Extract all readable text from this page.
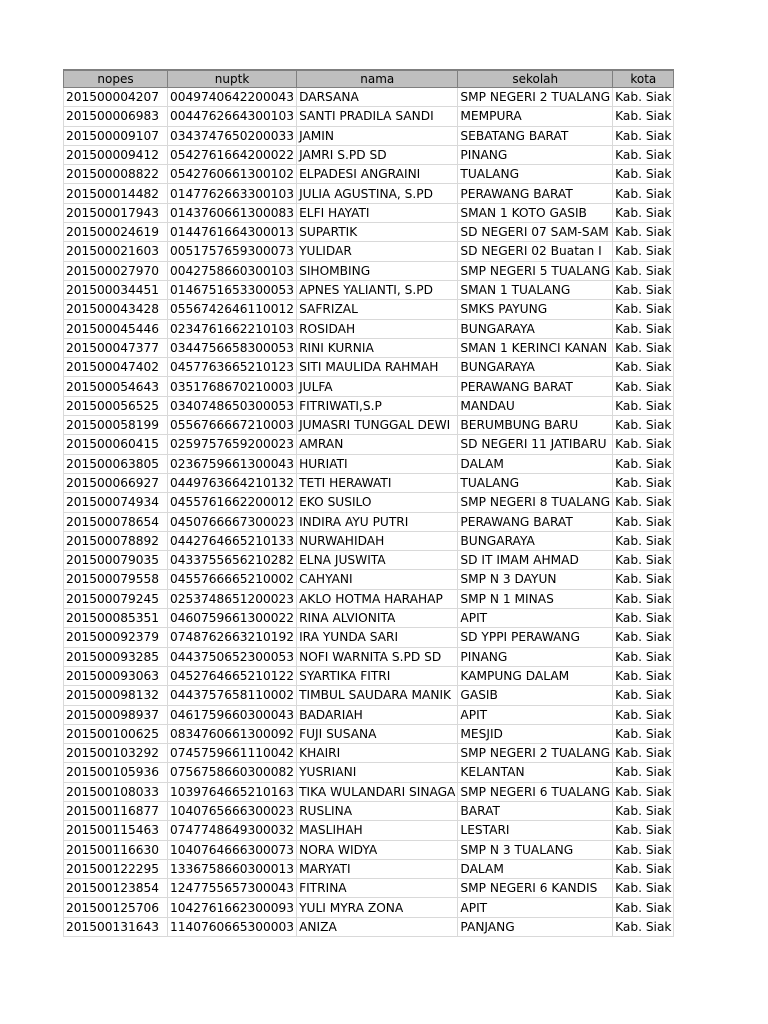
nopes	nuptk	nama	sekolah	kota
201500004207	0049740642200043	DARSANA	SMP NEGERI 2 TUALANG	Kab. Siak
201500006983	0044762664300103	SANTI PRADILA SANDI	MEMPURA	Kab. Siak
201500009107	0343747650200033	JAMIN	SEBATANG BARAT	Kab. Siak
201500009412	0542761664200022	JAMRI S.PD SD	PINANG	Kab. Siak
201500008822	0542760661300102	ELPADESI ANGRAINI	TUALANG	Kab. Siak
201500014482	0147762663300103	JULIA AGUSTINA, S.PD	PERAWANG BARAT	Kab. Siak
201500017943	0143760661300083	ELFI HAYATI	SMAN 1 KOTO GASIB	Kab. Siak
201500024619	0144761664300013	SUPARTIK	SD NEGERI 07 SAM-SAM	Kab. Siak
201500021603	0051757659300073	YULIDAR	SD NEGERI 02 Buatan I	Kab. Siak
201500027970	0042758660300103	SIHOMBING	SMP NEGERI 5 TUALANG	Kab. Siak
201500034451	0146751653300053	APNES YALIANTI, S.PD	SMAN 1 TUALANG	Kab. Siak
201500043428	0556742646110012	SAFRIZAL	SMKS PAYUNG	Kab. Siak
201500045446	0234761662210103	ROSIDAH	BUNGARAYA	Kab. Siak
201500047377	0344756658300053	RINI KURNIA	SMAN 1 KERINCI KANAN	Kab. Siak
201500047402	0457763665210123	SITI MAULIDA RAHMAH	BUNGARAYA	Kab. Siak
201500054643	0351768670210003	JULFA	PERAWANG BARAT	Kab. Siak
201500056525	0340748650300053	FITRIWATI,S.P	MANDAU	Kab. Siak
201500058199	0556766667210003	JUMASRI TUNGGAL DEWI	BERUMBUNG BARU	Kab. Siak
201500060415	0259757659200023	AMRAN	SD NEGERI 11 JATIBARU	Kab. Siak
201500063805	0236759661300043	HURIATI	DALAM	Kab. Siak
201500066927	0449763664210132	TETI HERAWATI	TUALANG	Kab. Siak
201500074934	0455761662200012	EKO SUSILO	SMP NEGERI 8 TUALANG	Kab. Siak
201500078654	0450766667300023	INDIRA AYU PUTRI	PERAWANG BARAT	Kab. Siak
201500078892	0442764665210133	NURWAHIDAH	BUNGARAYA	Kab. Siak
201500079035	0433755656210282	ELNA JUSWITA	SD IT IMAM AHMAD	Kab. Siak
201500079558	0455766665210002	CAHYANI	SMP N 3 DAYUN	Kab. Siak
201500079245	0253748651200023	AKLO HOTMA HARAHAP	SMP N 1 MINAS	Kab. Siak
201500085351	0460759661300022	RINA ALVIONITA	APIT	Kab. Siak
201500092379	0748762663210192	IRA YUNDA SARI	SD YPPI PERAWANG	Kab. Siak
201500093285	0443750652300053	NOFI WARNITA S.PD SD	PINANG	Kab. Siak
201500093063	0452764665210122	SYARTIKA FITRI	KAMPUNG DALAM	Kab. Siak
201500098132	0443757658110002	TIMBUL SAUDARA MANIK	GASIB	Kab. Siak
201500098937	0461759660300043	BADARIAH	APIT	Kab. Siak
201500100625	0834760661300092	FUJI SUSANA	MESJID	Kab. Siak
201500103292	0745759661110042	KHAIRI	SMP NEGERI 2 TUALANG	Kab. Siak
201500105936	0756758660300082	YUSRIANI	KELANTAN	Kab. Siak
201500108033	1039764665210163	TIKA WULANDARI SINAGA	SMP NEGERI 6 TUALANG	Kab. Siak
201500116877	1040765666300023	RUSLINA	BARAT	Kab. Siak
201500115463	0747748649300032	MASLIHAH	LESTARI	Kab. Siak
201500116630	1040764666300073	NORA WIDYA	SMP N 3 TUALANG	Kab. Siak
201500122295	1336758660300013	MARYATI	DALAM	Kab. Siak
201500123854	1247755657300043	FITRINA	SMP NEGERI 6 KANDIS	Kab. Siak
201500125706	1042761662300093	YULI MYRA ZONA	APIT	Kab. Siak
201500131643	1140760665300003	ANIZA	PANJANG	Kab. Siak
